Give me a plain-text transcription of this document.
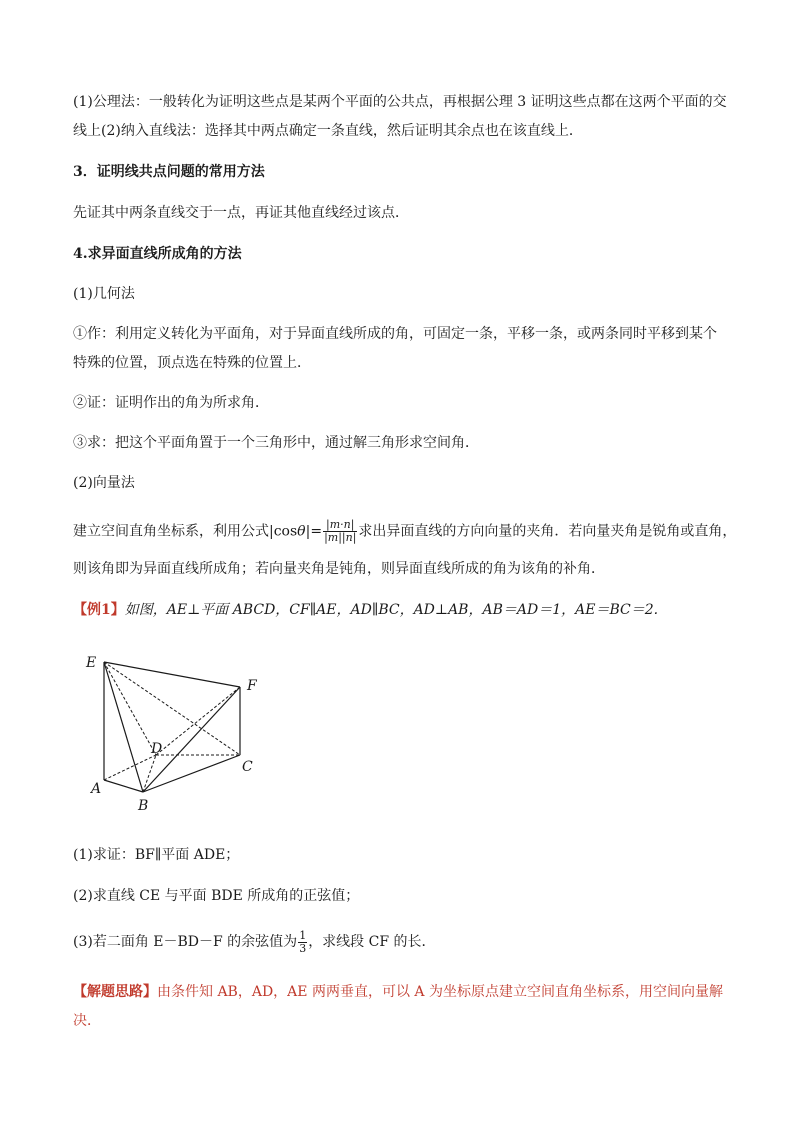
(1)公理法：一般转化为证明这些点是某两个平面的公共点，再根据公理 3 证明这些点都在这两个平面的交
线上(2)纳入直线法：选择其中两点确定一条直线，然后证明其余点也在该直线上．
3．证明线共点问题的常用方法
先证其中两条直线交于一点，再证其他直线经过该点．
4.求异面直线所成角的方法
(1)几何法
①作：利用定义转化为平面角，对于异面直线所成的角，可固定一条，平移一条，或两条同时平移到某个
特殊的位置，顶点选在特殊的位置上．
②证：证明作出的角为所求角．
③求：把这个平面角置于一个三角形中，通过解三角形求空间角．
(2)向量法
建立空间直角坐标系，利用公式$|\cos\theta|= \frac{|m\cdot n|}{|m||n|}$ 求出异面直线的方向向量的夹角．若向量夹角是锐角或直角，
则该角即为异面直线所成角；若向量夹角是钝角，则异面直线所成的角为该角的补角．
【例1】如图，AE⊥平面 ABCD，CF∥AE，AD∥BC，AD⊥AB，AB＝AD＝1，AE＝BC＝2.
E
F
D
C
A
B
(1)求证：BF∥平面 ADE；
(2)求直线 CE 与平面 BDE 所成角的正弦值；
(3)若二面角 E－BD－F 的余弦值为 $\frac{1}{3}$ ，求线段 CF 的长．
【解题思路】由条件知 AB，AD，AE 两两垂直，可以 A 为坐标原点建立空间直角坐标系，用空间向量解
决．
